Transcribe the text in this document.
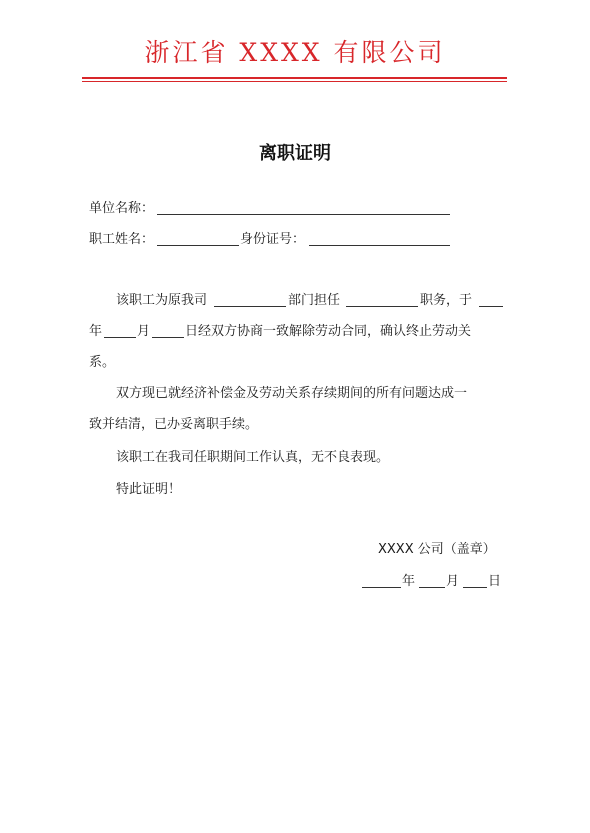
浙江省 XXXX 有限公司
离职证明
单位名称：
职工姓名：	身份证号：
该职工为原我司	部门担任	职务，于
年	月	日经双方协商一致解除劳动合同，确认终止劳动关
系。
双方现已就经济补偿金及劳动关系存续期间的所有问题达成一
致并结清，已办妥离职手续。
该职工在我司任职期间工作认真，无不良表现。
特此证明！
XXXX 公司（盖章）
年 月 日
